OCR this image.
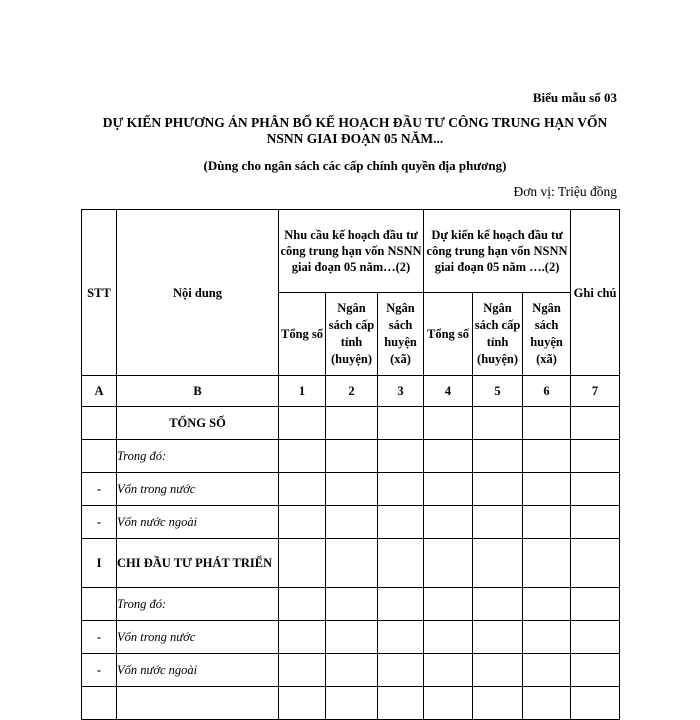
Biểu mẫu số 03
DỰ KIẾN PHƯƠNG ÁN PHÂN BỔ KẾ HOẠCH ĐẦU TƯ CÔNG TRUNG HẠN VỐN
NSNN GIAI ĐOẠN 05 NĂM...
(Dùng cho ngân sách các cấp chính quyền địa phương)
Đơn vị: Triệu đồng
STT	Nội dung	Nhu cầu kế hoạch đầu tư công trung hạn vốn NSNN giai đoạn 05 năm…(2)			Dự kiến kế hoạch đầu tư công trung hạn vốn NSNN giai đoạn 05 năm ….(2)			Ghi chú
		Tổng số	Ngân sách cấp tỉnh (huyện)	Ngân sách huyện (xã)	Tổng số	Ngân sách cấp tỉnh (huyện)	Ngân sách huyện (xã)	
A	B	1	2	3	4	5	6	7
	TỔNG SỐ							
	Trong đó:							
-	Vốn trong nước							
-	Vốn nước ngoài							
I	CHI ĐẦU TƯ PHÁT TRIỂN							
	Trong đó:							
-	Vốn trong nước							
-	Vốn nước ngoài							
